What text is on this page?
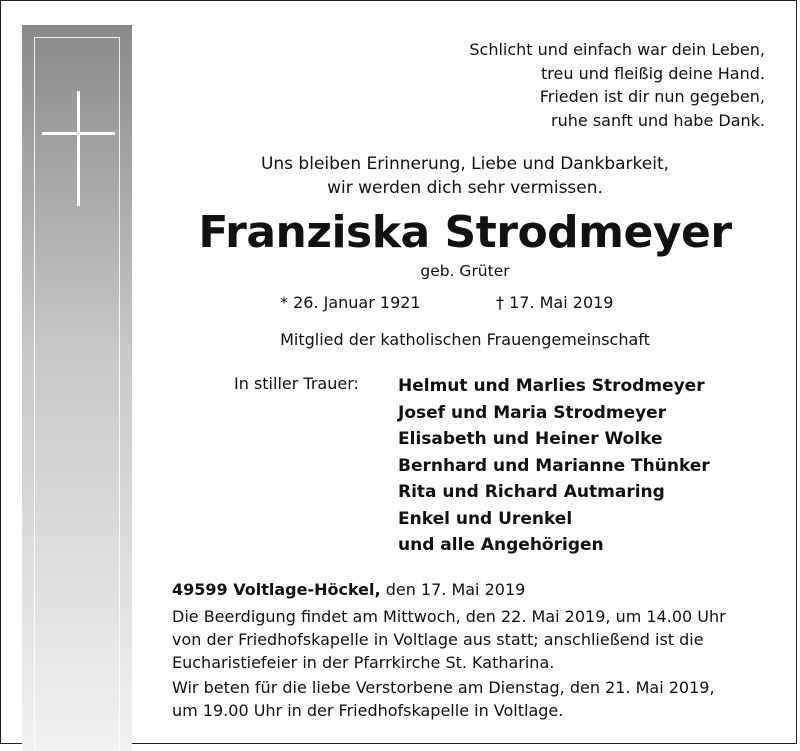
Schlicht und einfach war dein Leben,
treu und fleißig deine Hand.
Frieden ist dir nun gegeben,
ruhe sanft und habe Dank.
Uns bleiben Erinnerung, Liebe und Dankbarkeit,
wir werden dich sehr vermissen.
Franziska Strodmeyer
geb. Grüter
* 26. Januar 1921	† 17. Mai 2019
Mitglied der katholischen Frauengemeinschaft
In stiller Trauer: Helmut und Marlies Strodmeyer
Josef und Maria Strodmeyer
Elisabeth und Heiner Wolke
Bernhard und Marianne Thünker
Rita und Richard Autmaring
Enkel und Urenkel
und alle Angehörigen
49599 Voltlage-Höckel, den 17. Mai 2019
Die Beerdigung findet am Mittwoch, den 22. Mai 2019, um 14.00 Uhr
von der Friedhofskapelle in Voltlage aus statt; anschließend ist die
Eucharistiefeier in der Pfarrkirche St. Katharina.
Wir beten für die liebe Verstorbene am Dienstag, den 21. Mai 2019,
um 19.00 Uhr in der Friedhofskapelle in Voltlage.
